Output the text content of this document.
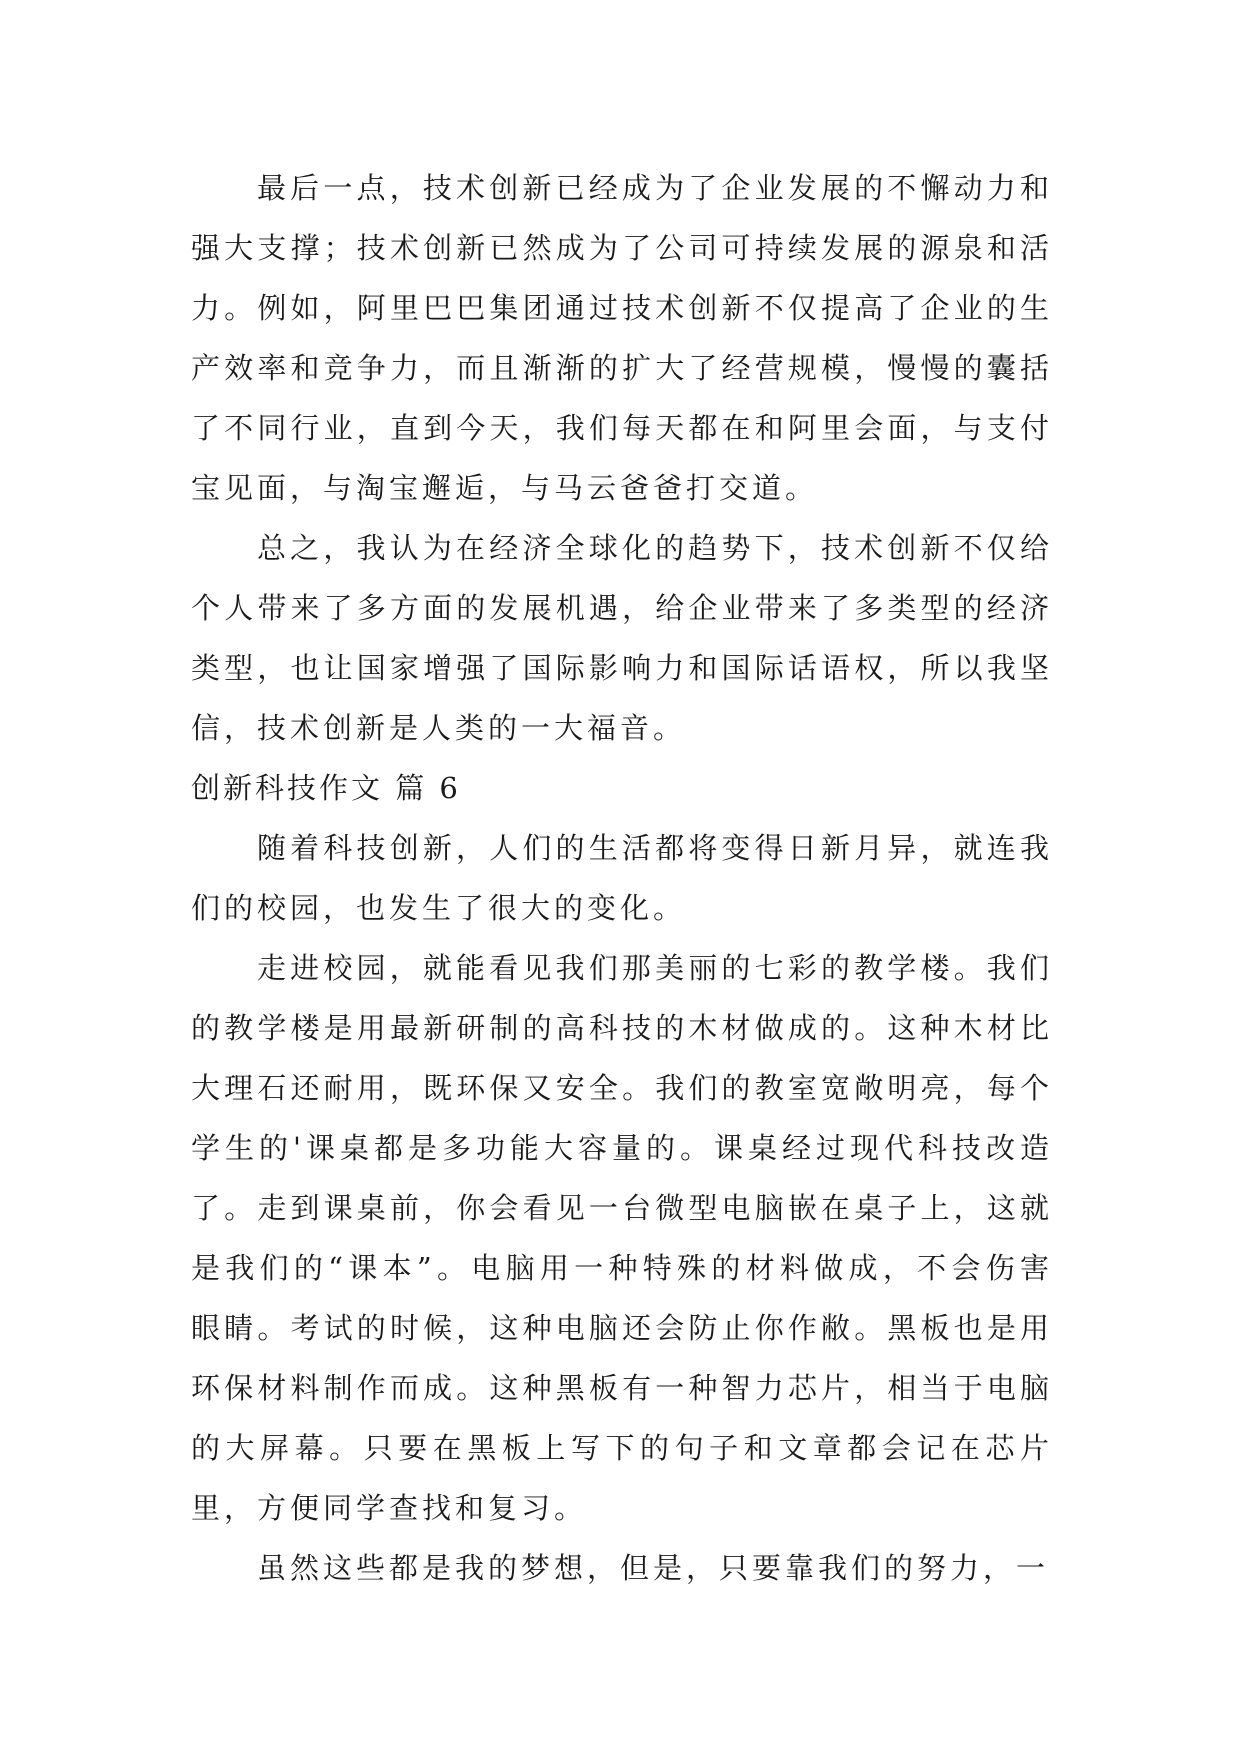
最后一点，技术创新已经成为了企业发展的不懈动力和强大支撑；技术创新已然成为了公司可持续发展的源泉和活力。例如，阿里巴巴集团通过技术创新不仅提高了企业的生产效率和竞争力，而且渐渐的扩大了经营规模，慢慢的囊括了不同行业，直到今天，我们每天都在和阿里会面，与支付宝见面，与淘宝邂逅，与马云爸爸打交道。

总之，我认为在经济全球化的趋势下，技术创新不仅给个人带来了多方面的发展机遇，给企业带来了多类型的经济类型，也让国家增强了国际影响力和国际话语权，所以我坚信，技术创新是人类的一大福音。

创新科技作文 篇 6

随着科技创新，人们的生活都将变得日新月异，就连我们的校园，也发生了很大的变化。

走进校园，就能看见我们那美丽的七彩的教学楼。我们的教学楼是用最新研制的高科技的木材做成的。这种木材比大理石还耐用，既环保又安全。我们的教室宽敞明亮，每个学生的'课桌都是多功能大容量的。课桌经过现代科技改造了。走到课桌前，你会看见一台微型电脑嵌在桌子上，这就是我们的“课本”。电脑用一种特殊的材料做成，不会伤害眼睛。考试的时候，这种电脑还会防止你作敝。黑板也是用环保材料制作而成。这种黑板有一种智力芯片，相当于电脑的大屏幕。只要在黑板上写下的句子和文章都会记在芯片里，方便同学查找和复习。

虽然这些都是我的梦想，但是，只要靠我们的努力，一
